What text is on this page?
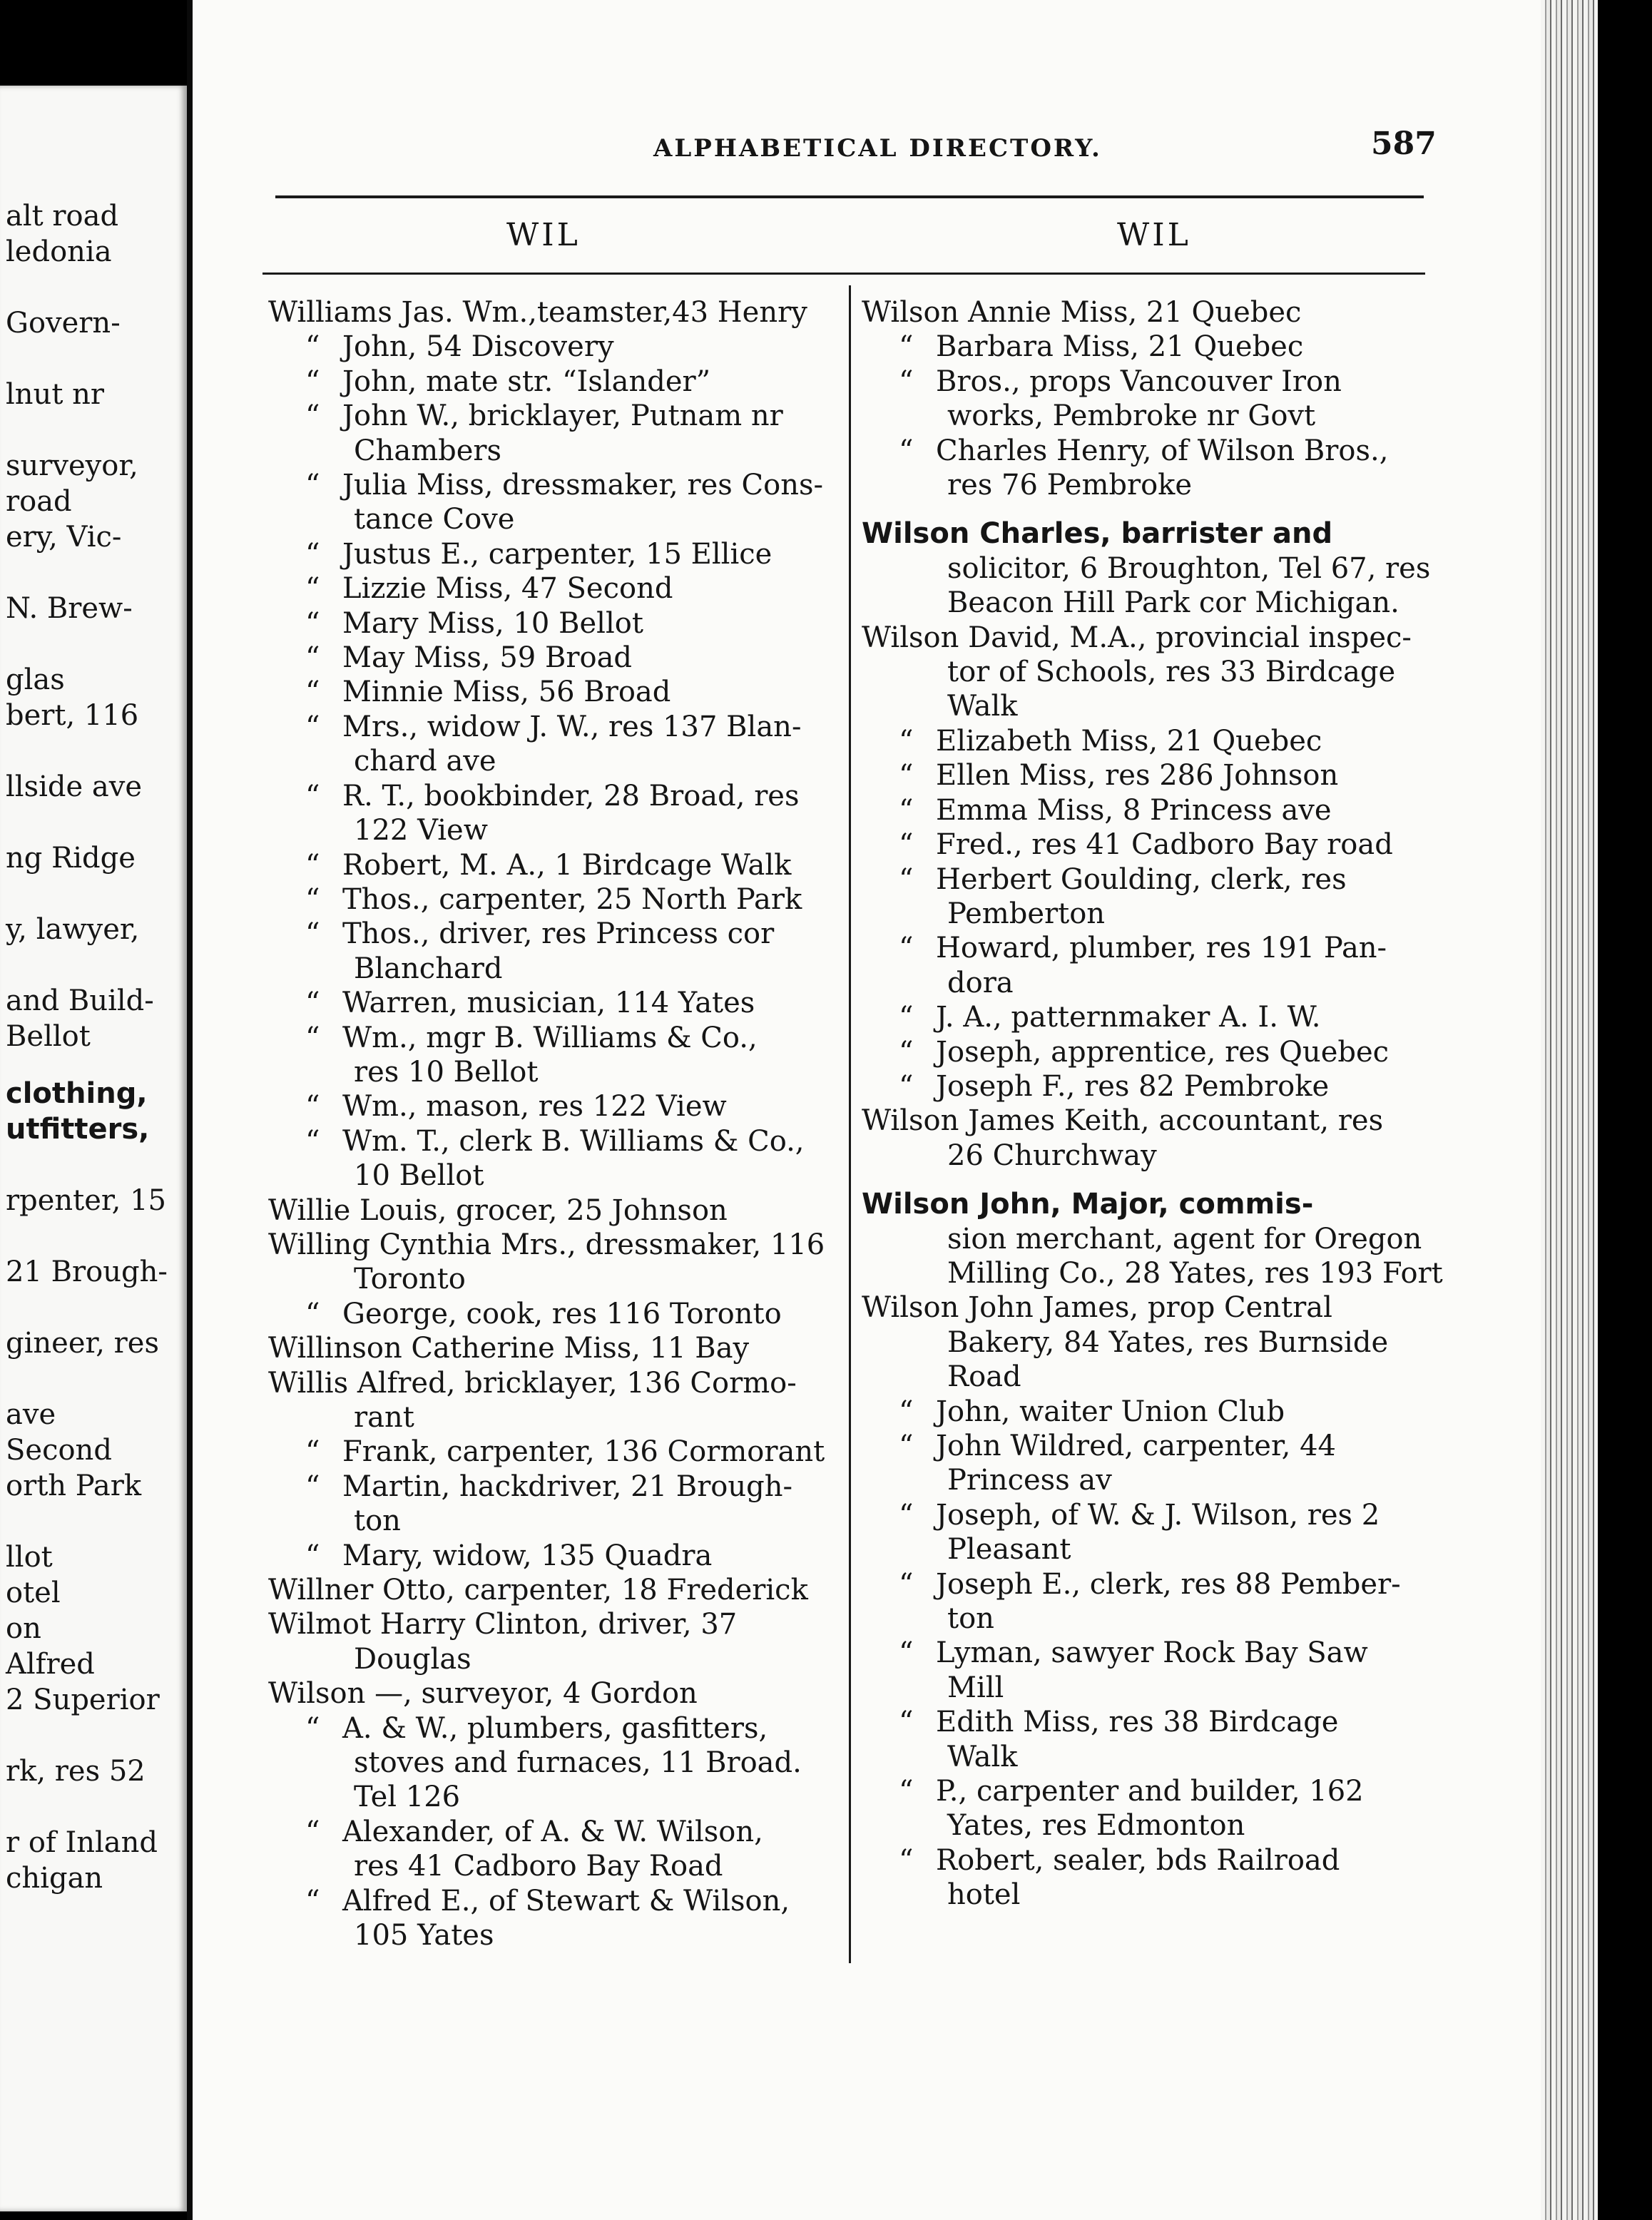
alt road
ledonia
Govern-
lnut nr
surveyor,
road
ery, Vic-
N. Brew-
glas
bert, 116
llside ave
ng Ridge
y, lawyer,
and Build-
Bellot
clothing,
utfitters,
rpenter, 15
21 Brough-
gineer, res
ave
Second
orth Park
llot
otel
on
Alfred
2 Superior
rk, res 52
r of Inland
chigan
ALPHABETICAL DIRECTORY.	587
WIL	WIL

Williams Jas. Wm.,teamster,43 Henry

“ John, 54 Discovery

“ John, mate str. “Islander”

“ John W., bricklayer, Putnam nr

Chambers

“ Julia Miss, dressmaker, res Cons-

tance Cove

“ Justus E., carpenter, 15 Ellice

“ Lizzie Miss, 47 Second

“ Mary Miss, 10 Bellot

“ May Miss, 59 Broad

“ Minnie Miss, 56 Broad

“ Mrs., widow J. W., res 137 Blan-

chard ave

“ R. T., bookbinder, 28 Broad, res

122 View

“ Robert, M. A., 1 Birdcage Walk

“ Thos., carpenter, 25 North Park

“ Thos., driver, res Princess cor

Blanchard

“ Warren, musician, 114 Yates

“ Wm., mgr B. Williams & Co.,

res 10 Bellot

“ Wm., mason, res 122 View

“ Wm. T., clerk B. Williams & Co.,

10 Bellot

Willie Louis, grocer, 25 Johnson

Willing Cynthia Mrs., dressmaker, 116

Toronto

“ George, cook, res 116 Toronto

Willinson Catherine Miss, 11 Bay

Willis Alfred, bricklayer, 136 Cormo-

rant

“ Frank, carpenter, 136 Cormorant

“ Martin, hackdriver, 21 Brough-

ton

“ Mary, widow, 135 Quadra

Willner Otto, carpenter, 18 Frederick

Wilmot Harry Clinton, driver, 37

Douglas

Wilson —, surveyor, 4 Gordon

“ A. & W., plumbers, gasfitters,

stoves and furnaces, 11 Broad.

Tel 126

“ Alexander, of A. & W. Wilson,

res 41 Cadboro Bay Road

“ Alfred E., of Stewart & Wilson,

105 Yates

Wilson Annie Miss, 21 Quebec

“ Barbara Miss, 21 Quebec

“ Bros., props Vancouver Iron

works, Pembroke nr Govt

“ Charles Henry, of Wilson Bros.,

res 76 Pembroke

Wilson Charles, barrister and

solicitor, 6 Broughton, Tel 67, res

Beacon Hill Park cor Michigan.

Wilson David, M.A., provincial inspec-

tor of Schools, res 33 Birdcage

Walk

“ Elizabeth Miss, 21 Quebec

“ Ellen Miss, res 286 Johnson

“ Emma Miss, 8 Princess ave

“ Fred., res 41 Cadboro Bay road

“ Herbert Goulding, clerk, res

Pemberton

“ Howard, plumber, res 191 Pan-

dora

“ J. A., patternmaker A. I. W.

“ Joseph, apprentice, res Quebec

“ Joseph F., res 82 Pembroke

Wilson James Keith, accountant, res

26 Churchway

Wilson John, Major, commis-

sion merchant, agent for Oregon

Milling Co., 28 Yates, res 193 Fort

Wilson John James, prop Central

Bakery, 84 Yates, res Burnside

Road

“ John, waiter Union Club

“ John Wildred, carpenter, 44

Princess av

“ Joseph, of W. & J. Wilson, res 2

Pleasant

“ Joseph E., clerk, res 88 Pember-

ton

“ Lyman, sawyer Rock Bay Saw

Mill

“ Edith Miss, res 38 Birdcage

Walk

“ P., carpenter and builder, 162

Yates, res Edmonton

“ Robert, sealer, bds Railroad

hotel
